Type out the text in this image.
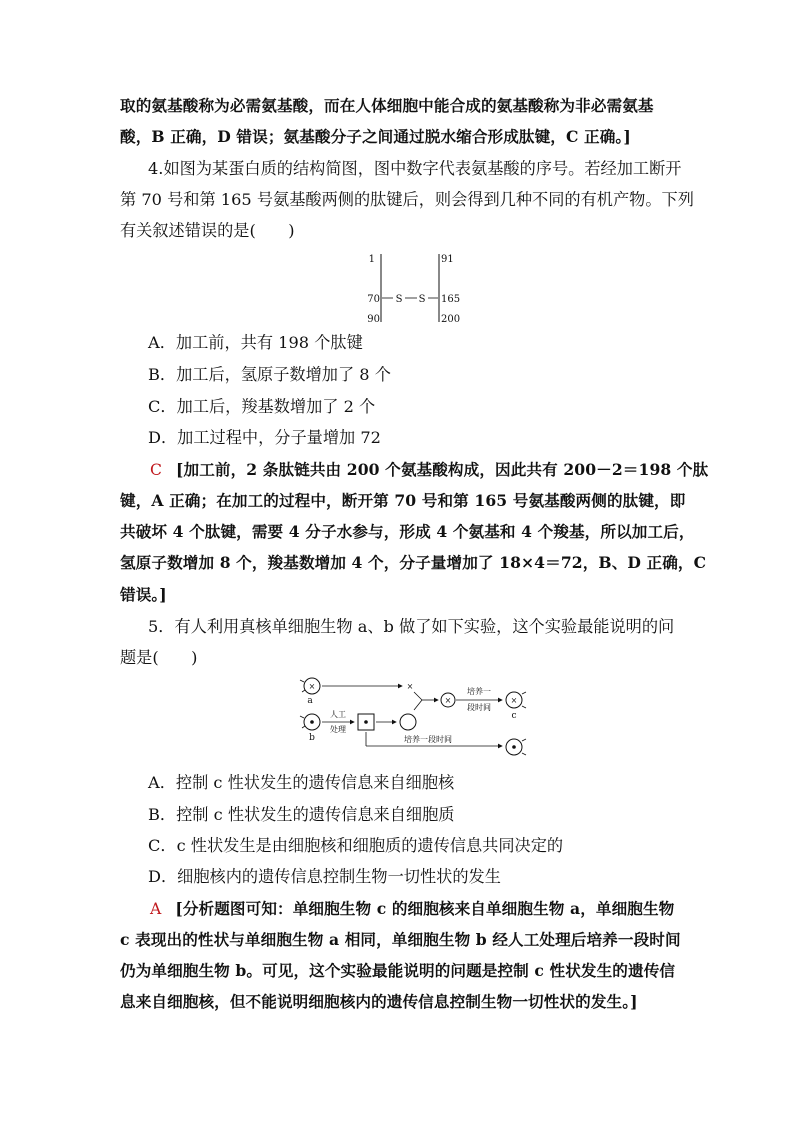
取的氨基酸称为必需氨基酸，而在人体细胞中能合成的氨基酸称为非必需氨基
酸，B 正确，D 错误；氨基酸分子之间通过脱水缩合形成肽键，C 正确。]
4.如图为某蛋白质的结构简图，图中数字代表氨基酸的序号。若经加工断开
第 70 号和第 165 号氨基酸两侧的肽键后，则会得到几种不同的有机产物。下列
有关叙述错误的是(　　)
1
70
90
91
165
200
S S
A．加工前，共有 198 个肽键
B．加工后，氢原子数增加了 8 个
C．加工后，羧基数增加了 2 个
D．加工过程中，分子量增加 72
C [加工前，2 条肽链共由 200 个氨基酸构成，因此共有 200－2＝198 个肽
键，A 正确；在加工的过程中，断开第 70 号和第 165 号氨基酸两侧的肽键，即
共破坏 4 个肽键，需要 4 分子水参与，形成 4 个氨基和 4 个羧基，所以加工后，
氢原子数增加 8 个，羧基数增加 4 个，分子量增加了 18×4＝72，B、D 正确，C
错误。]
5．有人利用真核单细胞生物 a、b 做了如下实验，这个实验最能说明的问
题是(　　)
×
a
×
×
培养一
段时间
×
c
b
人工
处理
培养一段时间
A．控制 c 性状发生的遗传信息来自细胞核
B．控制 c 性状发生的遗传信息来自细胞质
C．c 性状发生是由细胞核和细胞质的遗传信息共同决定的
D．细胞核内的遗传信息控制生物一切性状的发生
A [分析题图可知：单细胞生物 c 的细胞核来自单细胞生物 a，单细胞生物
c 表现出的性状与单细胞生物 a 相同，单细胞生物 b 经人工处理后培养一段时间
仍为单细胞生物 b。可见，这个实验最能说明的问题是控制 c 性状发生的遗传信
息来自细胞核，但不能说明细胞核内的遗传信息控制生物一切性状的发生。]
